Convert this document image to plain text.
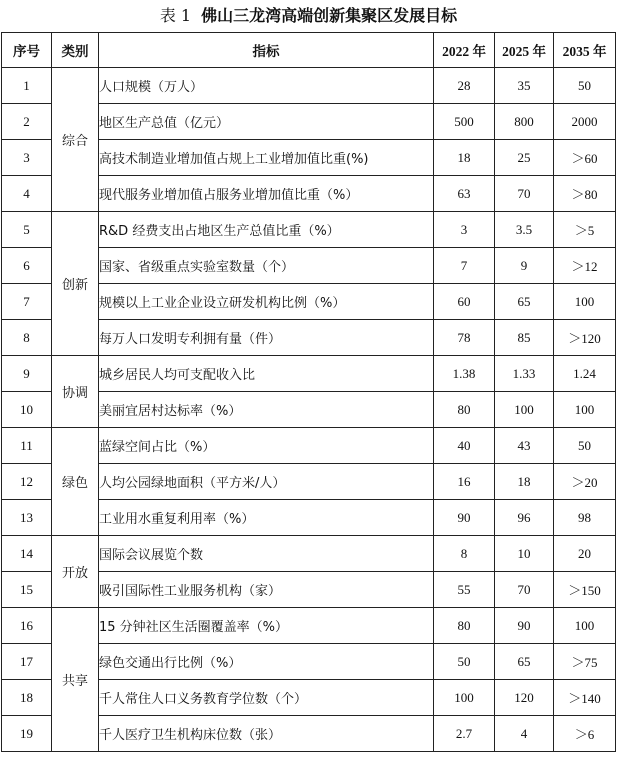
表 1 佛山三龙湾高端创新集聚区发展目标
序号	类别	指标	2022 年	2025 年	2035 年
1	综合	人口规模（万人）	28	35	50
2		地区生产总值（亿元）	500	800	2000
3		高技术制造业增加值占规上工业增加值比重(%)	18	25	＞60
4		现代服务业增加值占服务业增加值比重（%）	63	70	＞80
5	创新	R&D 经费支出占地区生产总值比重（%）	3	3.5	＞5
6		国家、省级重点实验室数量（个）	7	9	＞12
7		规模以上工业企业设立研发机构比例（%）	60	65	100
8		每万人口发明专利拥有量（件）	78	85	＞120
9	协调	城乡居民人均可支配收入比	1.38	1.33	1.24
10		美丽宜居村达标率（%）	80	100	100
11	绿色	蓝绿空间占比（%）	40	43	50
12		人均公园绿地面积（平方米/人）	16	18	＞20
13		工业用水重复利用率（%）	90	96	98
14	开放	国际会议展览个数	8	10	20
15		吸引国际性工业服务机构（家）	55	70	＞150
16	共享	15 分钟社区生活圈覆盖率（%）	80	90	100
17		绿色交通出行比例（%）	50	65	＞75
18		千人常住人口义务教育学位数（个）	100	120	＞140
19		千人医疗卫生机构床位数（张）	2.7	4	＞6
